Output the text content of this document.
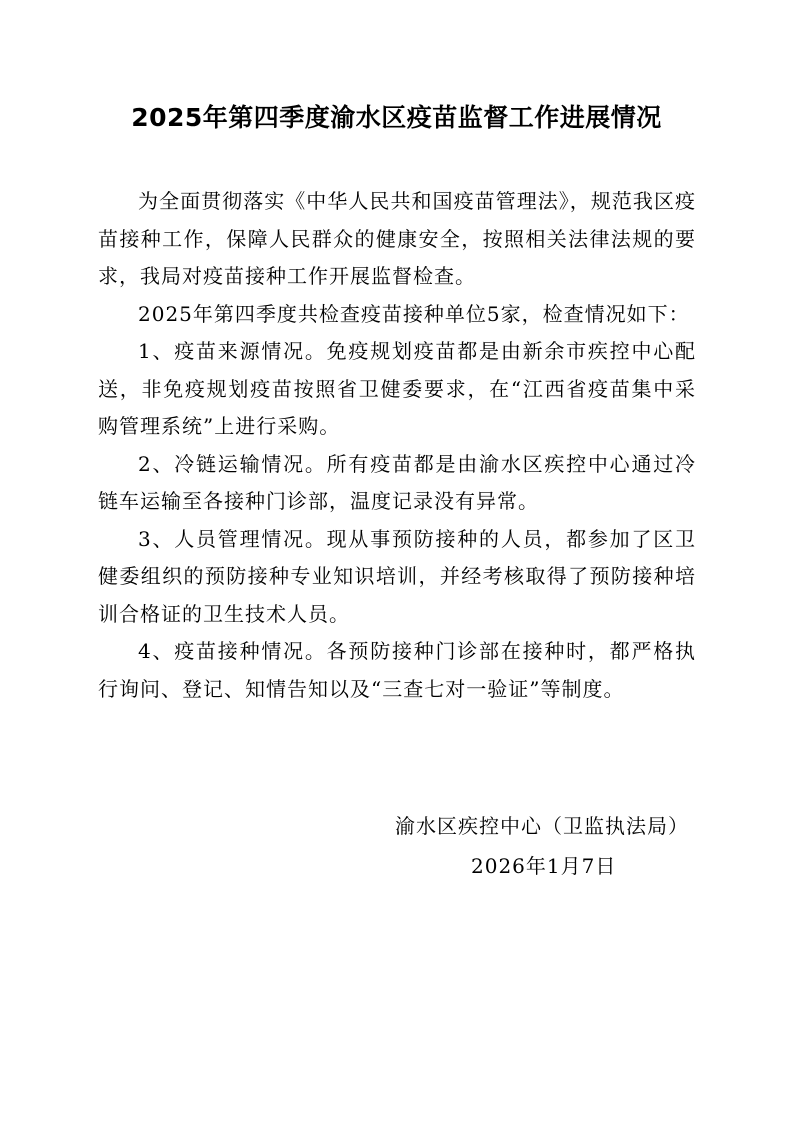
2025年第四季度渝水区疫苗监督工作进展情况

为全面贯彻落实《中华人民共和国疫苗管理法》，规范我区疫苗接种工作，保障人民群众的健康安全，按照相关法律法规的要求，我局对疫苗接种工作开展监督检查。

2025年第四季度共检查疫苗接种单位5家，检查情况如下：

1、疫苗来源情况。免疫规划疫苗都是由新余市疾控中心配送，非免疫规划疫苗按照省卫健委要求，在“江西省疫苗集中采购管理系统”上进行采购。

2、冷链运输情况。所有疫苗都是由渝水区疾控中心通过冷链车运输至各接种门诊部，温度记录没有异常。

3、人员管理情况。现从事预防接种的人员，都参加了区卫健委组织的预防接种专业知识培训，并经考核取得了预防接种培训合格证的卫生技术人员。

4、疫苗接种情况。各预防接种门诊部在接种时，都严格执行询问、登记、知情告知以及“三查七对一验证”等制度。

渝水区疾控中心（卫监执法局）

2026年1月7日
